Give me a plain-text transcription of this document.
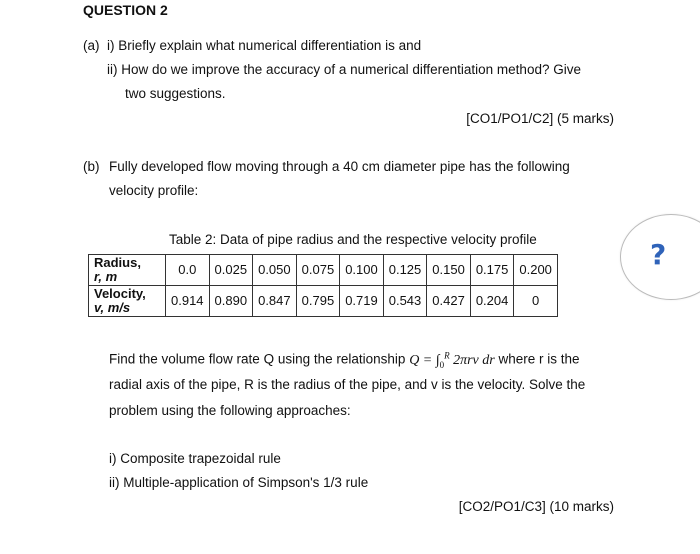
QUESTION 2
(a) i) Briefly explain what numerical differentiation is and
ii) How do we improve the accuracy of a numerical differentiation method? Give
two suggestions.
[CO1/PO1/C2] (5 marks)
(b) Fully developed flow moving through a 40 cm diameter pipe has the following
velocity profile:
Table 2: Data of pipe radius and the respective velocity profile
Radius,
r, m	0.0	0.025	0.050	0.075	0.100	0.125	0.150	0.175	0.200
Velocity,
v, m/s	0.914	0.890	0.847	0.795	0.719	0.543	0.427	0.204	0
Find the volume flow rate Q using the relationship $Q = \int_0^R$ 2πrv dr where r is the
radial axis of the pipe, R is the radius of the pipe, and v is the velocity. Solve the
problem using the following approaches:
i) Composite trapezoidal rule
ii) Multiple-application of Simpson's 1/3 rule
[CO2/PO1/C3] (10 marks)
?
